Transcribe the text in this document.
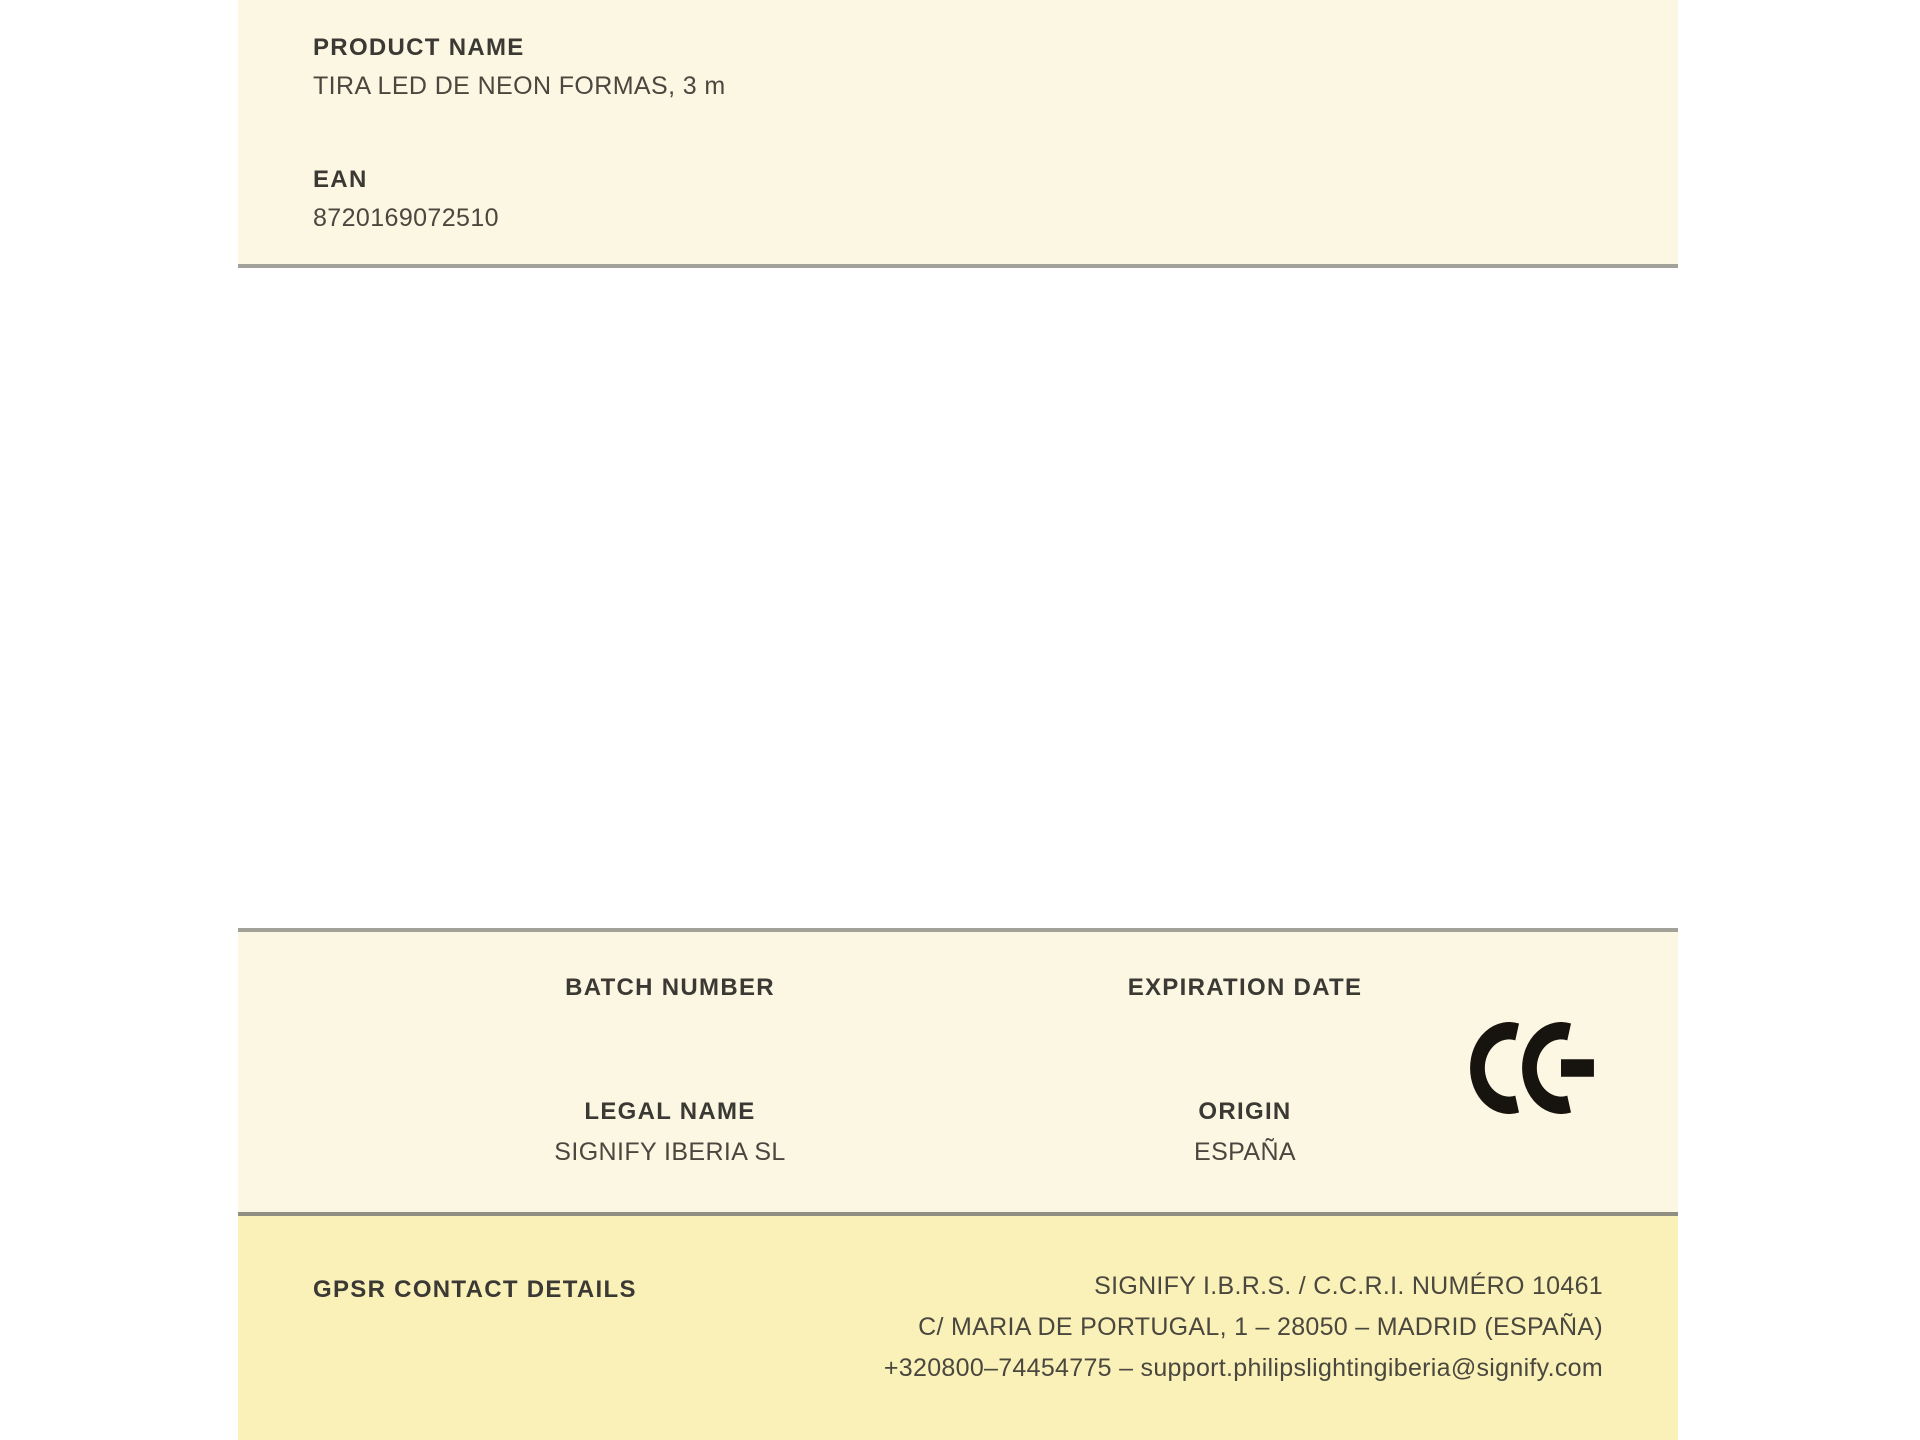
PRODUCT NAME
TIRA LED DE NEON FORMAS, 3 m
EAN
8720169072510
BATCH NUMBER
LEGAL NAME
SIGNIFY IBERIA SL
EXPIRATION DATE
ORIGIN
ESPAÑA
GPSR CONTACT DETAILS	SIGNIFY I.B.R.S. / C.C.R.I. NUMÉRO 10461
C/ MARIA DE PORTUGAL, 1 – 28050 – MADRID (ESPAÑA)
+320800–74454775 – support.philipslightingiberia@signify.com
